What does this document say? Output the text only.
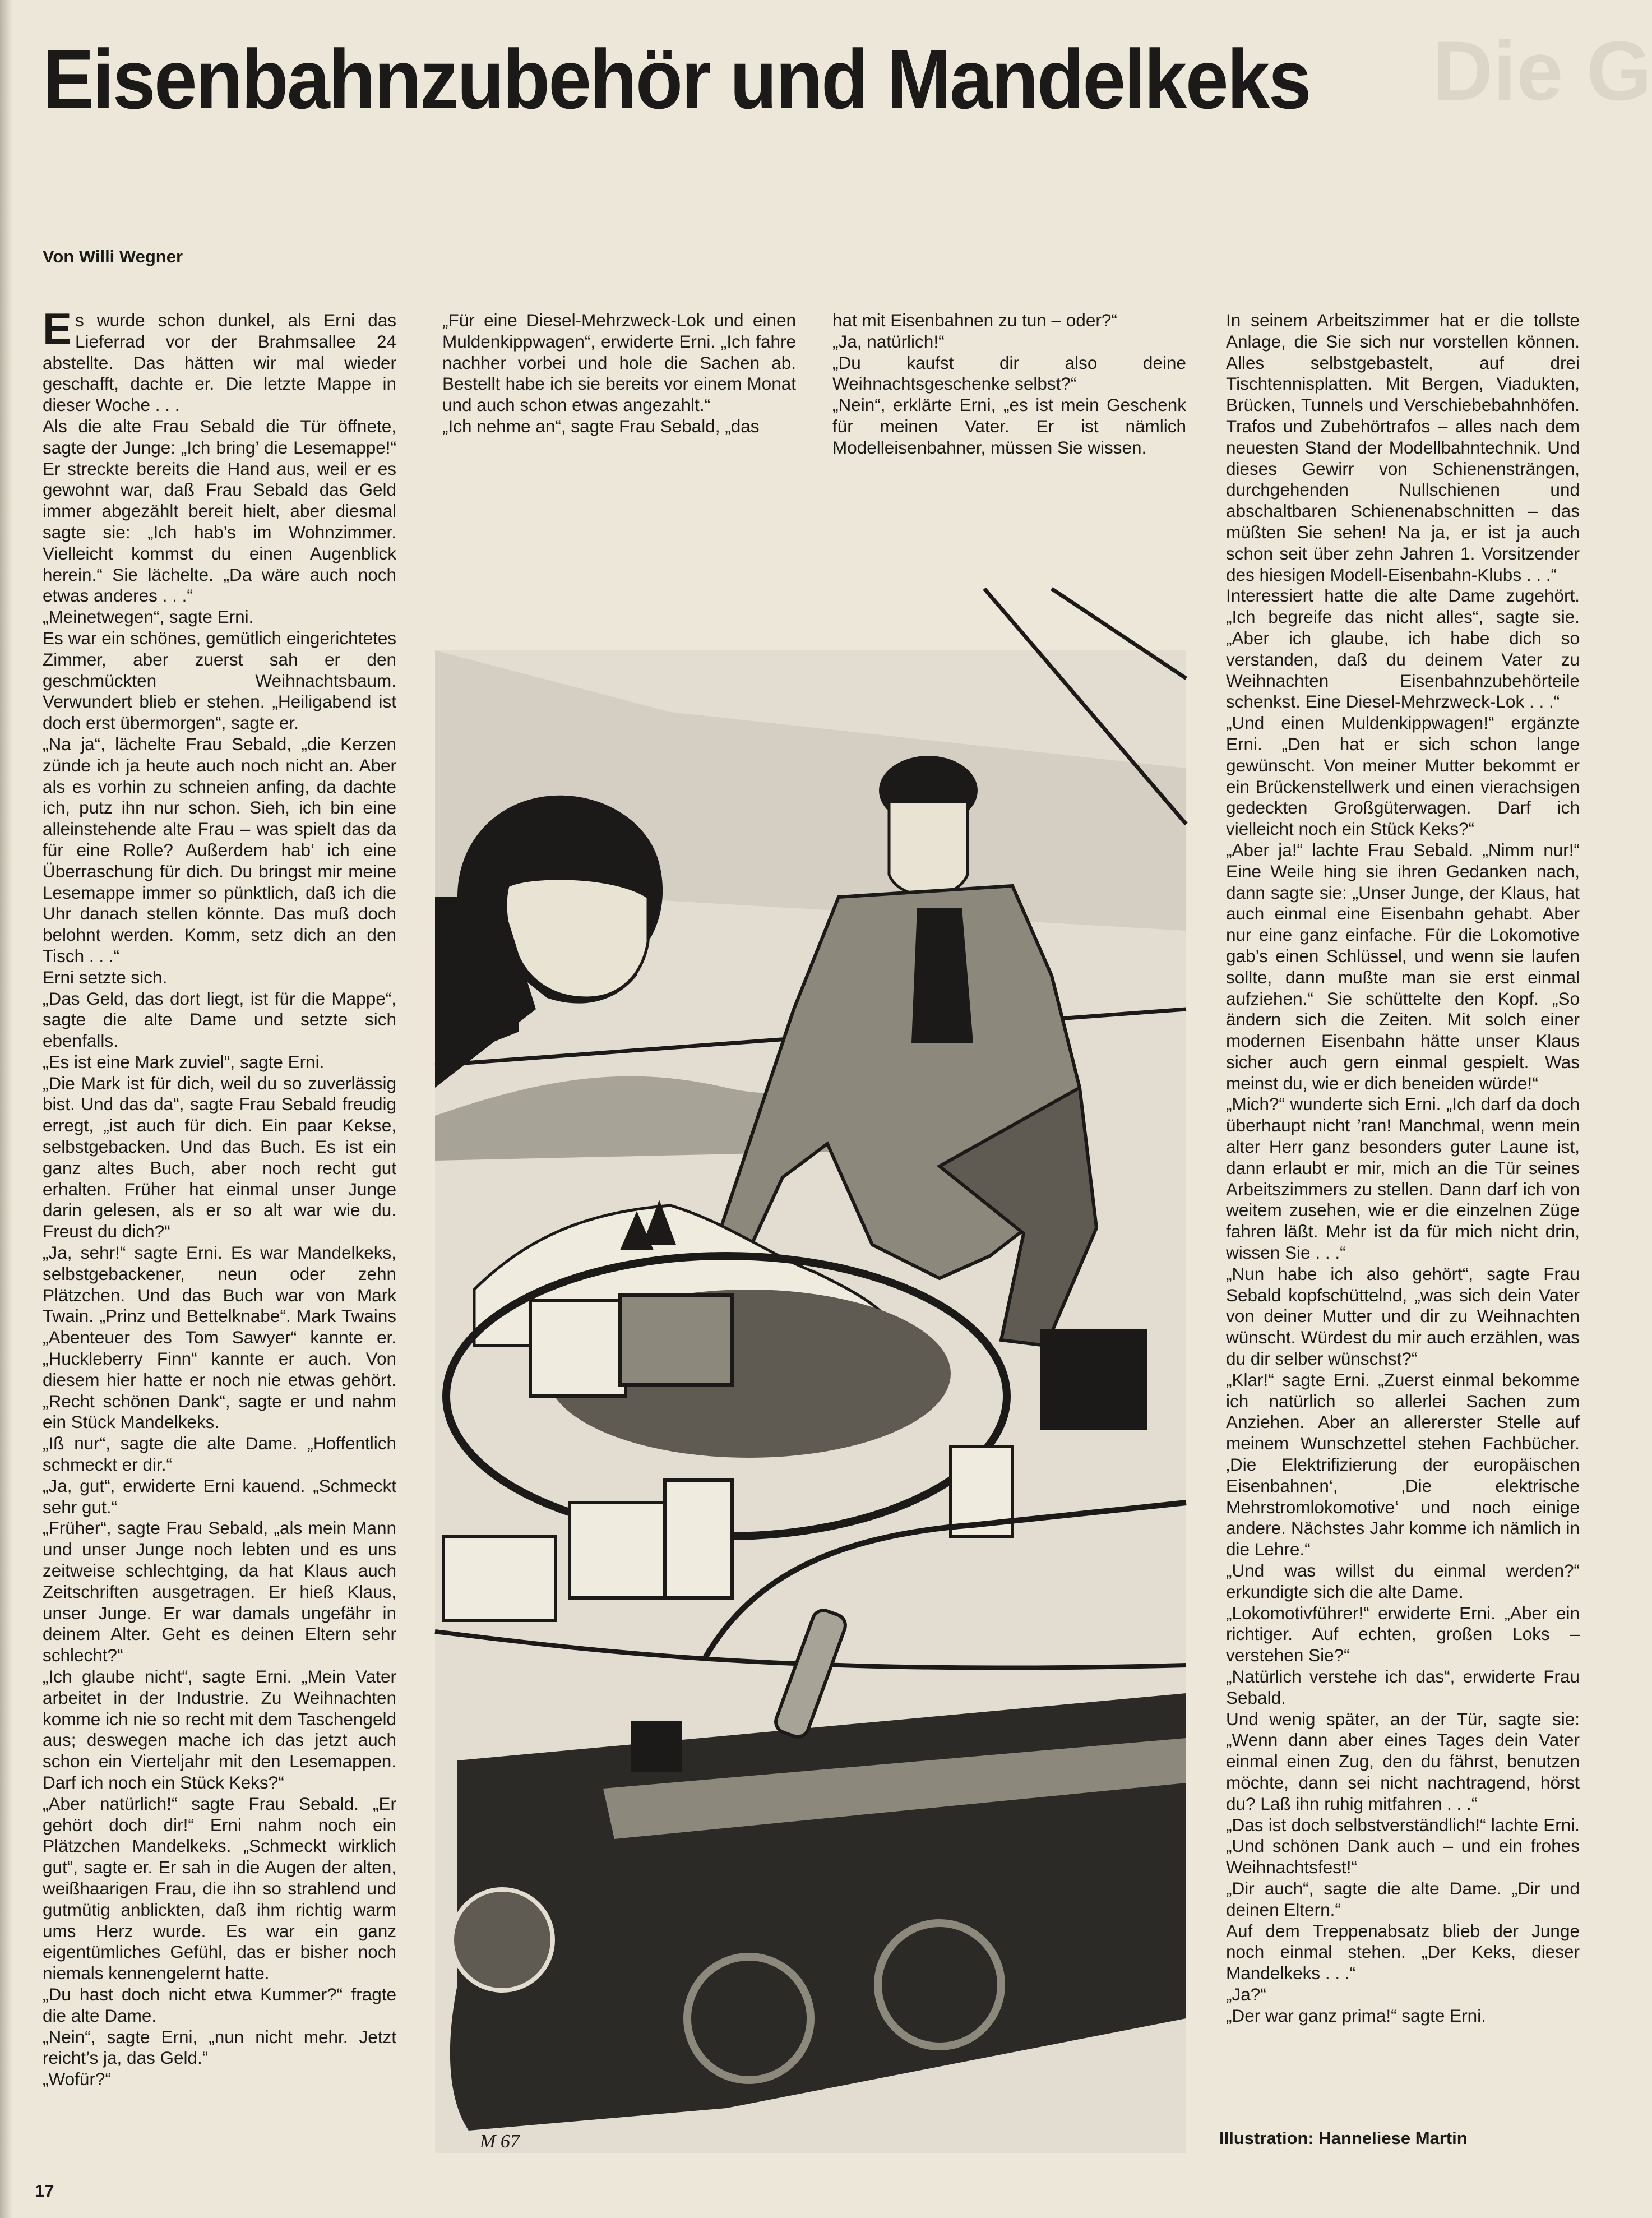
Die G
Eisenbahnzubehör und Mandelkeks
Von Willi Wegner
E s wurde schon dunkel, als Erni das Lieferrad vor der Brahmsallee 24 abstellte. Das hätten wir mal wieder geschafft, dachte er. Die letzte Mappe in dieser Woche . . .

Als die alte Frau Sebald die Tür öffnete, sagte der Junge: „Ich bring’ die Lesemappe!“ Er streckte bereits die Hand aus, weil er es gewohnt war, daß Frau Sebald das Geld immer abgezählt bereit hielt, aber diesmal sagte sie: „Ich hab’s im Wohnzimmer. Vielleicht kommst du einen Augenblick herein.“ Sie lächelte. „Da wäre auch noch etwas anderes . . .“

„Meinetwegen“, sagte Erni.

Es war ein schönes, gemütlich eingerichtetes Zimmer, aber zuerst sah er den geschmückten Weihnachtsbaum. Verwundert blieb er stehen. „Heiligabend ist doch erst übermorgen“, sagte er.

„Na ja“, lächelte Frau Sebald, „die Kerzen zünde ich ja heute auch noch nicht an. Aber als es vorhin zu schneien anfing, da dachte ich, putz ihn nur schon. Sieh, ich bin eine alleinstehende alte Frau – was spielt das da für eine Rolle? Außerdem hab’ ich eine Überraschung für dich. Du bringst mir meine Lesemappe immer so pünktlich, daß ich die Uhr danach stellen könnte. Das muß doch belohnt werden. Komm, setz dich an den Tisch . . .“

Erni setzte sich.

„Das Geld, das dort liegt, ist für die Mappe“, sagte die alte Dame und setzte sich ebenfalls.

„Es ist eine Mark zuviel“, sagte Erni.

„Die Mark ist für dich, weil du so zuverlässig bist. Und das da“, sagte Frau Sebald freudig erregt, „ist auch für dich. Ein paar Kekse, selbstgebacken. Und das Buch. Es ist ein ganz altes Buch, aber noch recht gut erhalten. Früher hat einmal unser Junge darin gelesen, als er so alt war wie du. Freust du dich?“

„Ja, sehr!“ sagte Erni. Es war Mandelkeks, selbstgebackener, neun oder zehn Plätzchen. Und das Buch war von Mark Twain. „Prinz und Bettelknabe“. Mark Twains „Abenteuer des Tom Sawyer“ kannte er. „Huckleberry Finn“ kannte er auch. Von diesem hier hatte er noch nie etwas gehört. „Recht schönen Dank“, sagte er und nahm ein Stück Mandelkeks.

„Iß nur“, sagte die alte Dame. „Hoffentlich schmeckt er dir.“

„Ja, gut“, erwiderte Erni kauend. „Schmeckt sehr gut.“

„Früher“, sagte Frau Sebald, „als mein Mann und unser Junge noch lebten und es uns zeitweise schlechtging, da hat Klaus auch Zeitschriften ausgetragen. Er hieß Klaus, unser Junge. Er war damals ungefähr in deinem Alter. Geht es deinen Eltern sehr schlecht?“

„Ich glaube nicht“, sagte Erni. „Mein Vater arbeitet in der Industrie. Zu Weihnachten komme ich nie so recht mit dem Taschengeld aus; deswegen mache ich das jetzt auch schon ein Vierteljahr mit den Lesemappen. Darf ich noch ein Stück Keks?“

„Aber natürlich!“ sagte Frau Sebald. „Er gehört doch dir!“ Erni nahm noch ein Plätzchen Mandelkeks. „Schmeckt wirklich gut“, sagte er. Er sah in die Augen der alten, weißhaarigen Frau, die ihn so strahlend und gutmütig anblickten, daß ihm richtig warm ums Herz wurde. Es war ein ganz eigentümliches Gefühl, das er bisher noch niemals kennengelernt hatte.

„Du hast doch nicht etwa Kummer?“ fragte die alte Dame.

„Nein“, sagte Erni, „nun nicht mehr. Jetzt reicht’s ja, das Geld.“

„Wofür?“

„Für eine Diesel-Mehrzweck-Lok und einen Muldenkippwagen“, erwiderte Erni. „Ich fahre nachher vorbei und hole die Sachen ab. Bestellt habe ich sie bereits vor einem Monat und auch schon etwas angezahlt.“

„Ich nehme an“, sagte Frau Sebald, „das

hat mit Eisenbahnen zu tun – oder?“

„Ja, natürlich!“

„Du kaufst dir also deine Weihnachtsgeschenke selbst?“

„Nein“, erklärte Erni, „es ist mein Geschenk für meinen Vater. Er ist nämlich Modelleisenbahner, müssen Sie wissen.

In seinem Arbeitszimmer hat er die tollste Anlage, die Sie sich nur vorstellen können. Alles selbstgebastelt, auf drei Tischtennisplatten. Mit Bergen, Viadukten, Brücken, Tunnels und Verschiebebahnhöfen. Trafos und Zubehörtrafos – alles nach dem neuesten Stand der Modellbahntechnik. Und dieses Gewirr von Schienensträngen, durchgehenden Nullschienen und abschaltbaren Schienenabschnitten – das müßten Sie sehen! Na ja, er ist ja auch schon seit über zehn Jahren 1. Vorsitzender des hiesigen Modell-Eisenbahn-Klubs . . .“

Interessiert hatte die alte Dame zugehört. „Ich begreife das nicht alles“, sagte sie. „Aber ich glaube, ich habe dich so verstanden, daß du deinem Vater zu Weihnachten Eisenbahnzubehörteile schenkst. Eine Diesel-Mehrzweck-Lok . . .“

„Und einen Muldenkippwagen!“ ergänzte Erni. „Den hat er sich schon lange gewünscht. Von meiner Mutter bekommt er ein Brückenstellwerk und einen vierachsigen gedeckten Großgüterwagen. Darf ich vielleicht noch ein Stück Keks?“

„Aber ja!“ lachte Frau Sebald. „Nimm nur!“ Eine Weile hing sie ihren Gedanken nach, dann sagte sie: „Unser Junge, der Klaus, hat auch einmal eine Eisenbahn gehabt. Aber nur eine ganz einfache. Für die Lokomotive gab’s einen Schlüssel, und wenn sie laufen sollte, dann mußte man sie erst einmal aufziehen.“ Sie schüttelte den Kopf. „So ändern sich die Zeiten. Mit solch einer modernen Eisenbahn hätte unser Klaus sicher auch gern einmal gespielt. Was meinst du, wie er dich beneiden würde!“

„Mich?“ wunderte sich Erni. „Ich darf da doch überhaupt nicht ’ran! Manchmal, wenn mein alter Herr ganz besonders guter Laune ist, dann erlaubt er mir, mich an die Tür seines Arbeitszimmers zu stellen. Dann darf ich von weitem zusehen, wie er die einzelnen Züge fahren läßt. Mehr ist da für mich nicht drin, wissen Sie . . .“

„Nun habe ich also gehört“, sagte Frau Sebald kopfschüttelnd, „was sich dein Vater von deiner Mutter und dir zu Weihnachten wünscht. Würdest du mir auch erzählen, was du dir selber wünschst?“

„Klar!“ sagte Erni. „Zuerst einmal bekomme ich natürlich so allerlei Sachen zum Anziehen. Aber an allererster Stelle auf meinem Wunschzettel stehen Fachbücher. ‚Die Elektrifizierung der europäischen Eisenbahnen‘, ‚Die elektrische Mehrstromlokomotive‘ und noch einige andere. Nächstes Jahr komme ich nämlich in die Lehre.“

„Und was willst du einmal werden?“ erkundigte sich die alte Dame.

„Lokomotivführer!“ erwiderte Erni. „Aber ein richtiger. Auf echten, großen Loks – verstehen Sie?“

„Natürlich verstehe ich das“, erwiderte Frau Sebald.

Und wenig später, an der Tür, sagte sie: „Wenn dann aber eines Tages dein Vater einmal einen Zug, den du fährst, benutzen möchte, dann sei nicht nachtragend, hörst du? Laß ihn ruhig mitfahren . . .“

„Das ist doch selbstverständlich!“ lachte Erni. „Und schönen Dank auch – und ein frohes Weihnachtsfest!“

„Dir auch“, sagte die alte Dame. „Dir und deinen Eltern.“

Auf dem Treppenabsatz blieb der Junge noch einmal stehen. „Der Keks, dieser Mandelkeks . . .“

„Ja?“

„Der war ganz prima!“ sagte Erni.

M 67	Illustration: Hanneliese Martin
17
